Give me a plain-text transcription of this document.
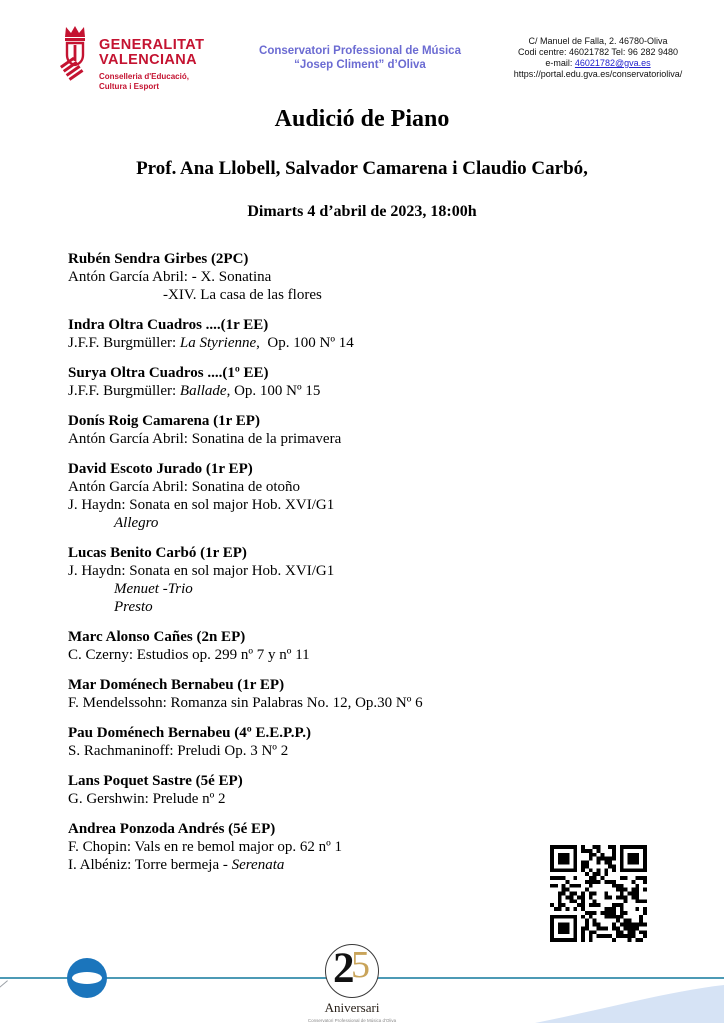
GENERALITAT
VALENCIANA
Conselleria d'Educació,
Cultura i Esport
Conservatori Professional de Música
“Josep Climent” d’Oliva
C/ Manuel de Falla, 2. 46780-Oliva
Codi centre: 46021782 Tel: 96 282 9480
e-mail: 46021782@gva.es
https://portal.edu.gva.es/conservatorioliva/
Audició de Piano
Prof. Ana Llobell, Salvador Camarena i Claudio Carbó,
Dimarts 4 d’abril de 2023, 18:00h
Rubén Sendra Girbes (2PC)
Antón García Abril: - X. Sonatina
-XIV. La casa de las flores
Indra Oltra Cuadros ....(1r EE)
J.F.F. Burgmüller: La Styrienne,  Op. 100 Nº 14
Surya Oltra Cuadros ....(1º EE)
J.F.F. Burgmüller: Ballade, Op. 100 Nº 15
Donís Roig Camarena (1r EP)
Antón García Abril: Sonatina de la primavera
David Escoto Jurado (1r EP)
Antón García Abril: Sonatina de otoño
J. Haydn: Sonata en sol major Hob. XVI/G1
Allegro
Lucas Benito Carbó (1r EP)
J. Haydn: Sonata en sol major Hob. XVI/G1
Menuet -Trio
Presto
Marc Alonso Cañes (2n EP)
C. Czerny: Estudios op. 299 nº 7 y nº 11
Mar Doménech Bernabeu (1r EP)
F. Mendelssohn: Romanza sin Palabras No. 12, Op.30 Nº 6
Pau Doménech Bernabeu (4º E.E.P.P.)
S. Rachmaninoff: Preludi Op. 3 Nº 2
Lans Poquet Sastre (5é EP)
G. Gershwin: Prelude nº 2
Andrea Ponzoda Andrés (5é EP)
F. Chopin: Vals en re bemol major op. 62 nº 1
I. Albéniz: Torre bermeja - Serenata
2
5
Aniversari
Conservatori Professional de Música d'Oliva
